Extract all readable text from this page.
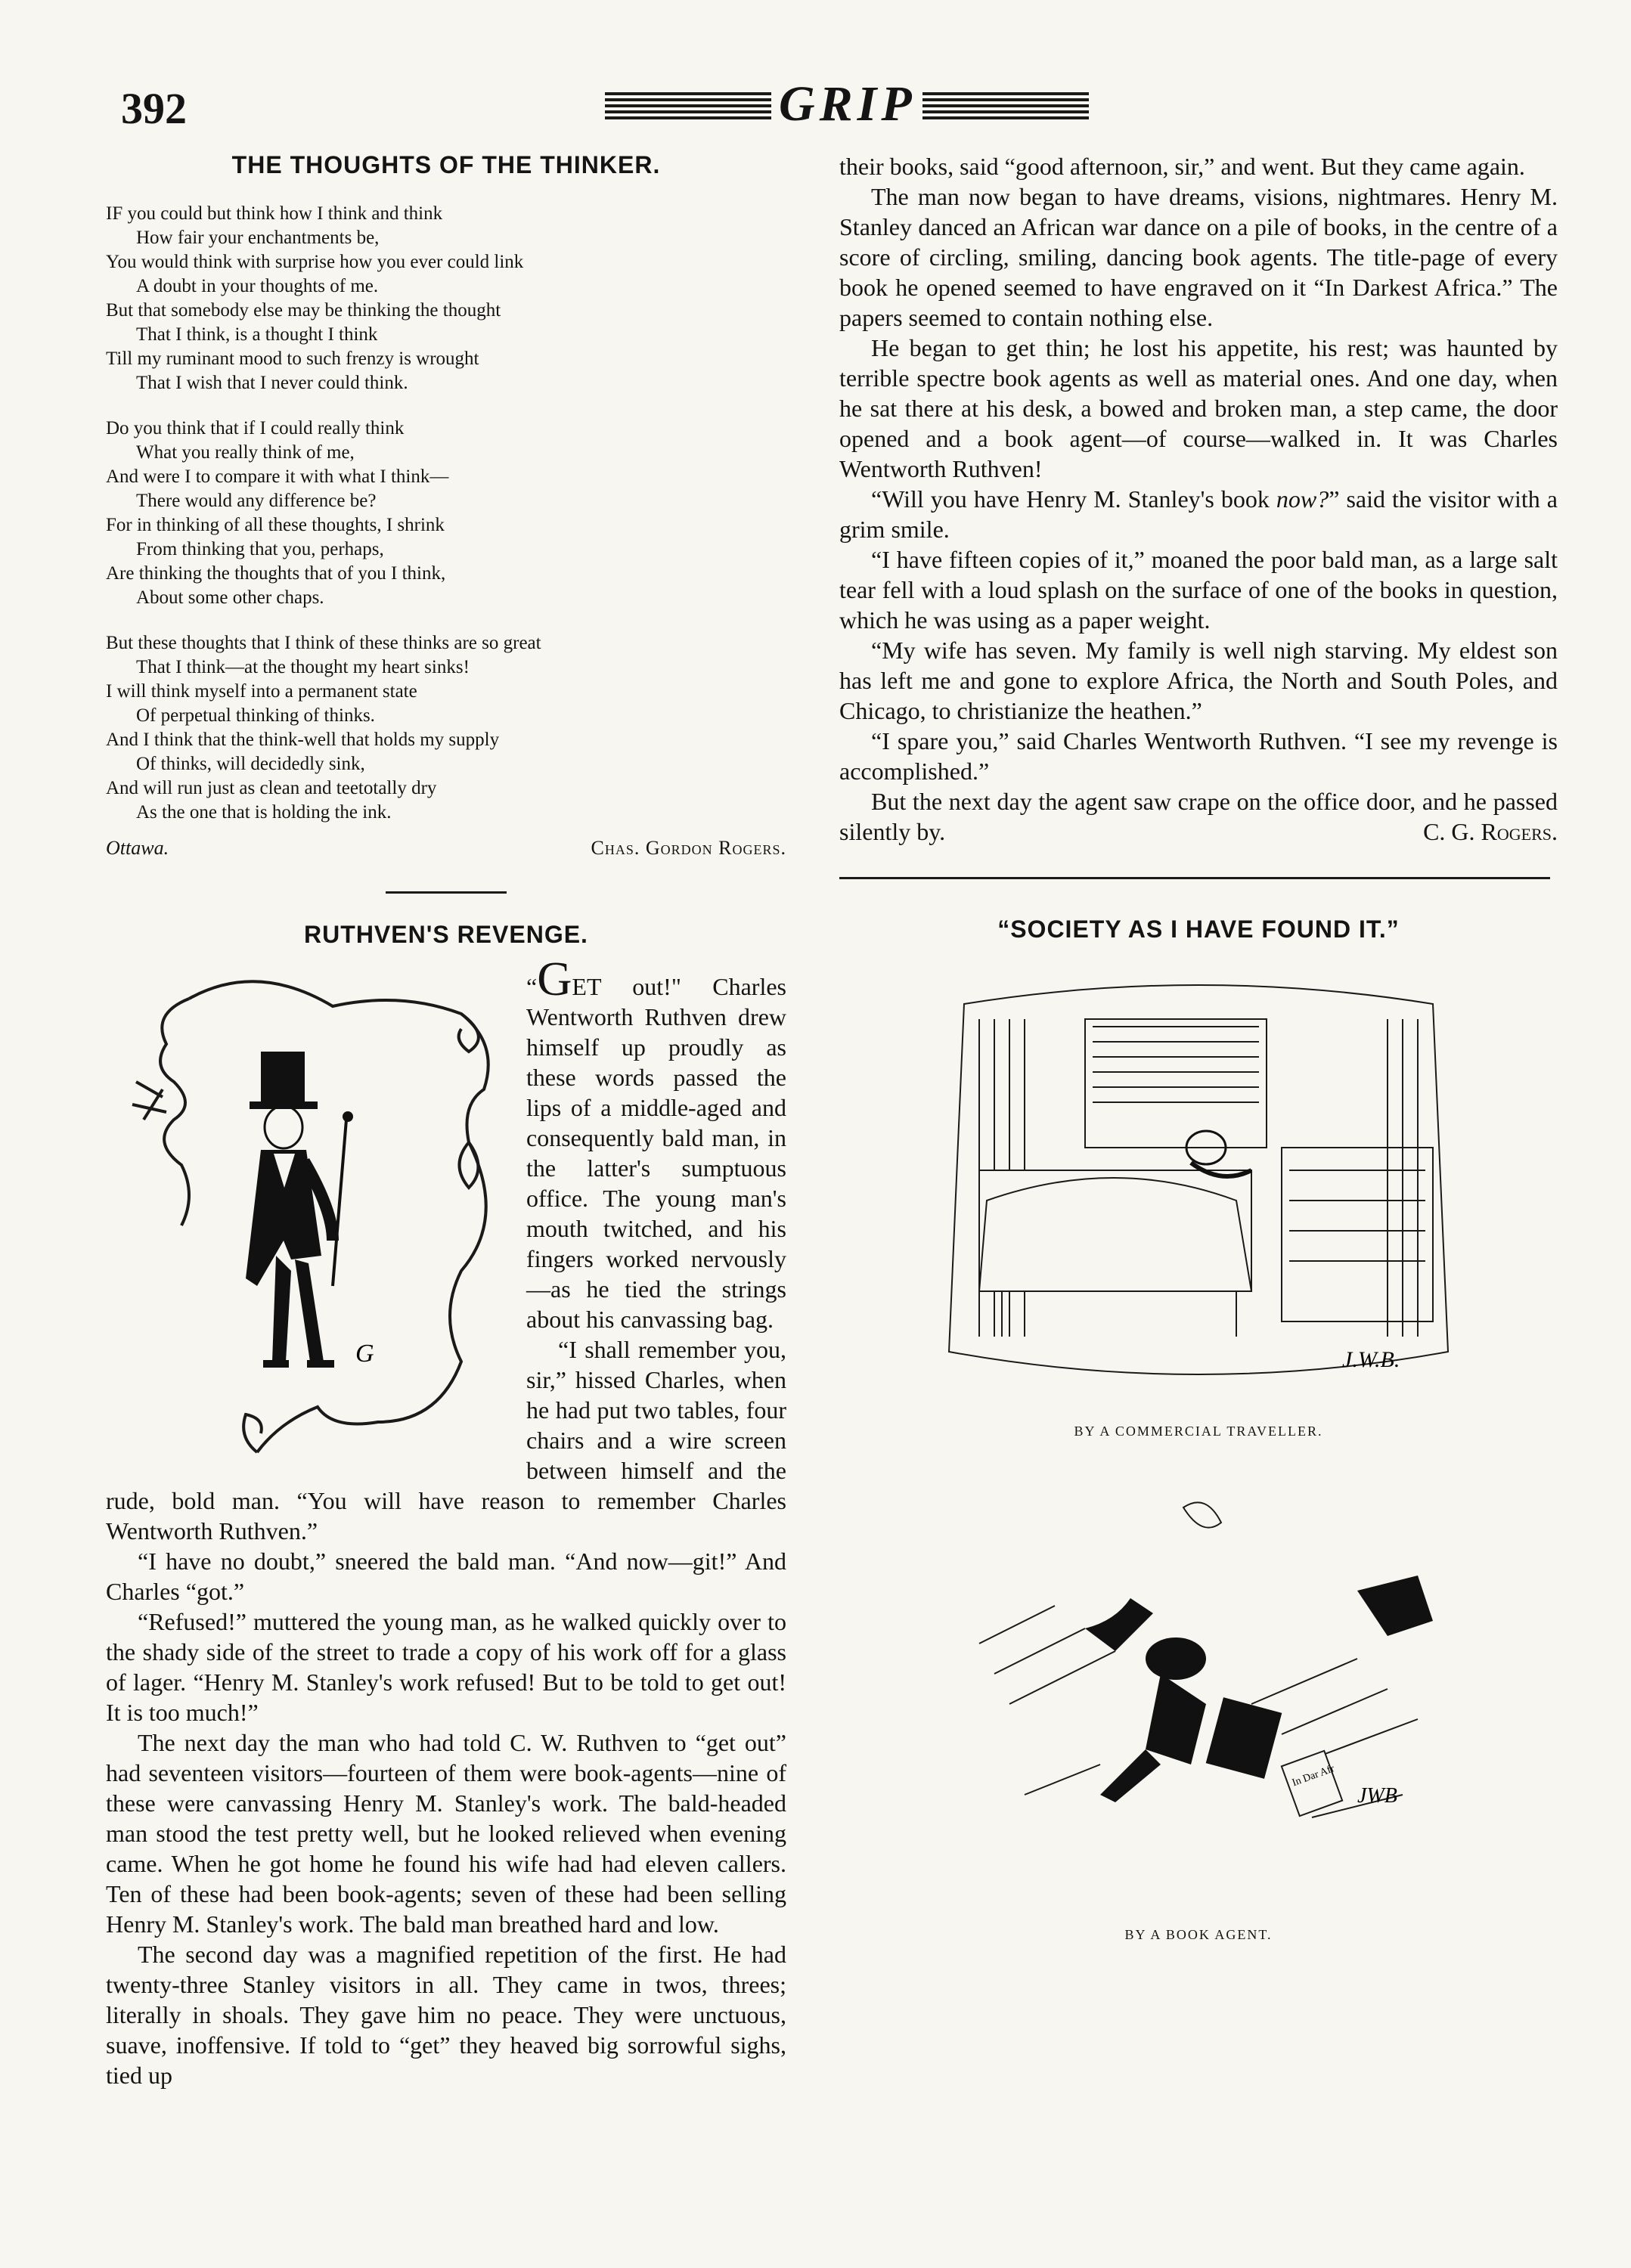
392	GRIP
THE THOUGHTS OF THE THINKER.
IF you could but think how I think and think
How fair your enchantments be,
You would think with surprise how you ever could link
A doubt in your thoughts of me.
But that somebody else may be thinking the thought
That I think, is a thought I think
Till my ruminant mood to such frenzy is wrought
That I wish that I never could think.
Do you think that if I could really think
What you really think of me,
And were I to compare it with what I think—
There would any difference be?
For in thinking of all these thoughts, I shrink
From thinking that you, perhaps,
Are thinking the thoughts that of you I think,
About some other chaps.
But these thoughts that I think of these thinks are so great
That I think—at the thought my heart sinks!
I will think myself into a permanent state
Of perpetual thinking of thinks.
And I think that the think-well that holds my supply
Of thinks, will decidedly sink,
And will run just as clean and teetotally dry
As the one that is holding the ink.
Ottawa.	Chas. Gordon Rogers.
RUTHVEN'S REVENGE.
G

“GET out!" Charles Wentworth Ruthven drew himself up proudly as these words passed the lips of a middle-aged and consequently bald man, in the latter's sumptuous office. The young man's mouth twitched, and his fingers worked nervously—as he tied the strings about his canvassing bag.

“I shall remember you, sir,” hissed Charles, when he had put two tables, four chairs and a wire screen between himself and the rude, bold man. “You will have reason to remember Charles Wentworth Ruthven.”

“I have no doubt,” sneered the bald man. “And now—git!” And Charles “got.”

“Refused!” muttered the young man, as he walked quickly over to the shady side of the street to trade a copy of his work off for a glass of lager. “Henry M. Stanley's work refused! But to be told to get out! It is too much!”

The next day the man who had told C. W. Ruthven to “get out” had seventeen visitors—fourteen of them were book-agents—nine of these were canvassing Henry M. Stanley's work. The bald-headed man stood the test pretty well, but he looked relieved when evening came. When he got home he found his wife had had eleven callers. Ten of these had been book-agents; seven of these had been selling Henry M. Stanley's work. The bald man breathed hard and low.

The second day was a magnified repetition of the first. He had twenty-three Stanley visitors in all. They came in twos, threes; literally in shoals. They gave him no peace. They were unctuous, suave, inoffensive. If told to “get” they heaved big sorrowful sighs, tied up

their books, said “good afternoon, sir,” and went. But they came again.

The man now began to have dreams, visions, nightmares. Henry M. Stanley danced an African war dance on a pile of books, in the centre of a score of circling, smiling, dancing book agents. The title-page of every book he opened seemed to have engraved on it “In Darkest Africa.” The papers seemed to contain nothing else.

He began to get thin; he lost his appetite, his rest; was haunted by terrible spectre book agents as well as material ones. And one day, when he sat there at his desk, a bowed and broken man, a step came, the door opened and a book agent—of course—walked in. It was Charles Wentworth Ruthven!

“Will you have Henry M. Stanley's book now?” said the visitor with a grim smile.

“I have fifteen copies of it,” moaned the poor bald man, as a large salt tear fell with a loud splash on the surface of one of the books in question, which he was using as a paper weight.

“My wife has seven. My family is well nigh starving. My eldest son has left me and gone to explore Africa, the North and South Poles, and Chicago, to christianize the heathen.”

“I spare you,” said Charles Wentworth Ruthven. “I see my revenge is accomplished.”

But the next day the agent saw crape on the office door, and he passed silently by.	C. G. Rogers.

“SOCIETY AS I HAVE FOUND IT.”
J.W.B.
BY A COMMERCIAL TRAVELLER.
In Dar Afr
JWB
BY A BOOK AGENT.
